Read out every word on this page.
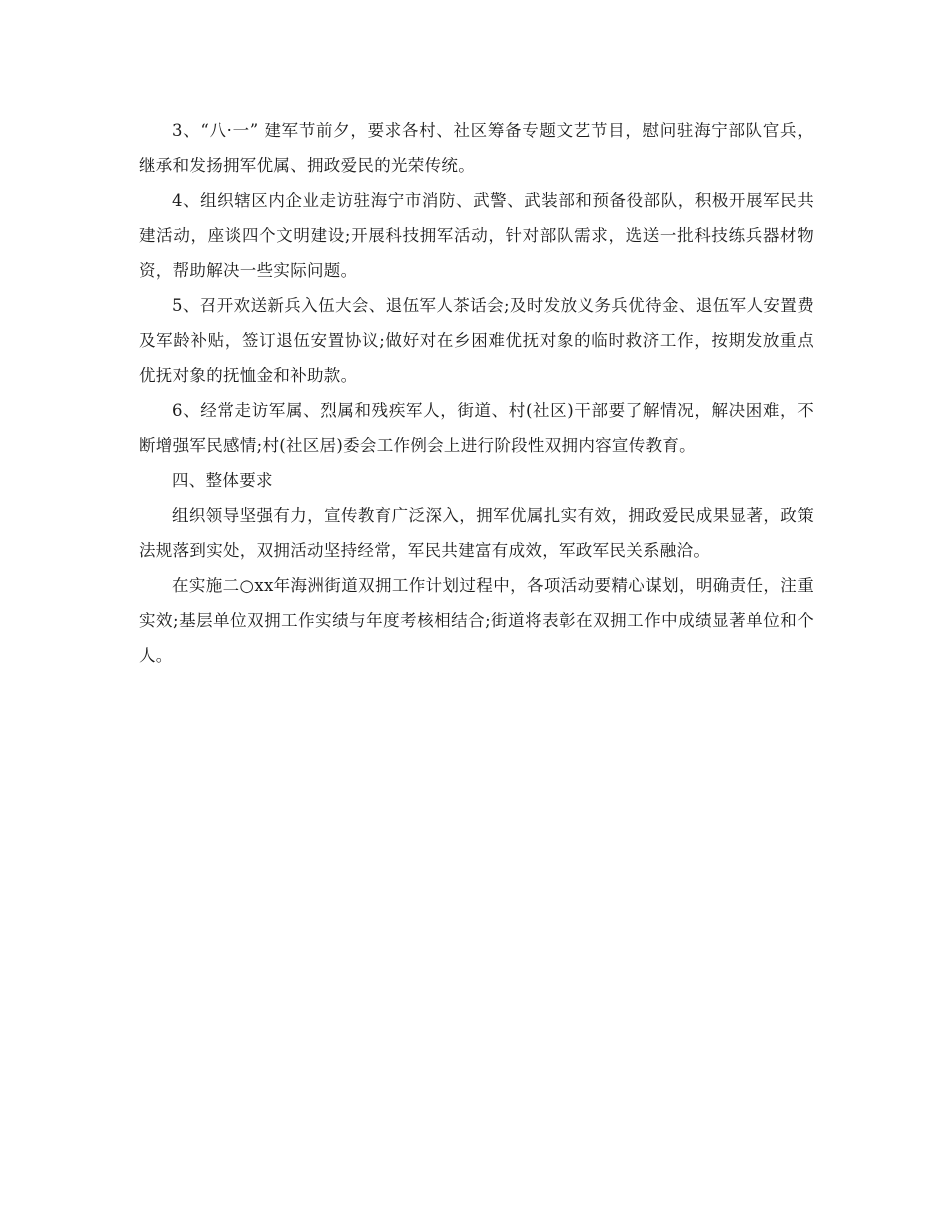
3、“八·一” 建军节前夕，要求各村、社区筹备专题文艺节目，慰问驻海宁部队官兵，继承和发扬拥军优属、拥政爱民的光荣传统。

4、组织辖区内企业走访驻海宁市消防、武警、武装部和预备役部队，积极开展军民共建活动，座谈四个文明建设;开展科技拥军活动，针对部队需求，选送一批科技练兵器材物资，帮助解决一些实际问题。

5、召开欢送新兵入伍大会、退伍军人茶话会;及时发放义务兵优待金、退伍军人安置费及军龄补贴，签订退伍安置协议;做好对在乡困难优抚对象的临时救济工作，按期发放重点优抚对象的抚恤金和补助款。

6、经常走访军属、烈属和残疾军人，街道、村(社区)干部要了解情况，解决困难，不断增强军民感情;村(社区居)委会工作例会上进行阶段性双拥内容宣传教育。

四、整体要求

组织领导坚强有力，宣传教育广泛深入，拥军优属扎实有效，拥政爱民成果显著，政策法规落到实处，双拥活动坚持经常，军民共建富有成效，军政军民关系融洽。

在实施二○xx年海洲街道双拥工作计划过程中，各项活动要精心谋划，明确责任，注重实效;基层单位双拥工作实绩与年度考核相结合;街道将表彰在双拥工作中成绩显著单位和个人。
